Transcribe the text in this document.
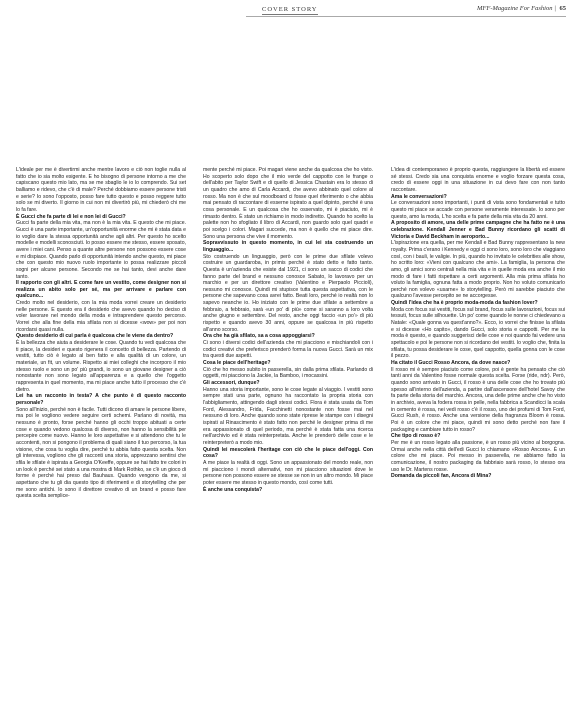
COVER STORY	MFF-Magazine For Fashion | 65

L'ideale per me è divertirmi anche mentre lavoro e ciò non toglie nulla al fatto che io sia molto esigente. E ho bisogno di persone intorno a me che capiscano questo mio lato, ma se me sbaglio le io lo comprendo. Sui set balliamo e ridevo, che c'è di male? Perché dobbiamo essere persone tristi e serie? Io sono l'opposto, posso fare tutto questo e posso reggere tutto solo se mi diverto. Il giorno in cui non mi divertirò più, mi chiederò chi me lo fa fare.

È Gucci che fa parte di lei e non lei di Gucci?

Gucci fa parte della mia vita, ma non è la mia vita. E questo che mi piace. Gucci è una parte importante, un'opportunità enorme che mi è stata data e io voglio dare la stessa opportunità anche agli altri. Per questo ho scelto modelle e modelli sconosciuti. Io posso essere me stesso, essere sposato, avere i miei cani. Penso a quante altre persone non possono essere cose e mi dispiace. Quando parlo di opportunità intendo anche questo, mi piace che con questo mio nuovo ruolo importante io possa realizzare piccoli sogni per alcune persone. Secondo me se hai tanto, devi anche dare tanto.

Il rapporto con gli altri. E come fare un vestito, come designer non si realizza un abito solo per sé, ma per arrivare e parlare con qualcuno...

Credo molto nel desiderio, con la mia moda vorrei creare un desiderio nelle persone. E questo era il desiderio che avevo quando ho deciso di voler lavorare nel mondo della moda e intraprendere questo percorso. Vorrei che alla fine della mia sfilata non si dicesse «wow» per poi non ricordarsi quasi nulla.

Questo desiderio di cui parla è qualcosa che le viene da dentro?

È la bellezza che aiuta a desiderare le cose. Quando tu vedi qualcosa che ti piace, la desideri e questo rigenera il concetto di bellezza. Partendo di vestiti, tutto ciò è legato al ben fatto e alla qualità di un colore, un materiale, un fit, un volume. Rispetto ai miei colleghi che incorporo il mio stesso ruolo e sono un po' più grandi, io sono un giovane designer a ciò nonostante non sono legato all'apparenza e a quello che l'oggetto rappresenta in quel momento, ma mi piace anche tutto il processo che c'è dietro.

Lei ha un racconto in testa? A che punto è di questo racconto personale?

Sono all'inizio, perché non è facile. Tutti dicono di amare le persone libere, ma poi le vogliono vedere seguire certi schemi. Parlano di novità, ma nessuno è pronto, forse perché hanno gli occhi troppo abituati a certe cose e quando vedono qualcosa di diverso, non hanno la sensibilità per percepire come nuovo. Hanno le loro aspettative e si attendono che tu le accontenti, non si pongono il problema di quali siano il tuo percorso, la tua visione, che cosa tu voglia dire, perché tu abbia fatto questa scelta. Non gli interessa, vogliono che gli racconti una storia, apprezzano sentirsi che sfila le sfilate è ispirata a Georgia O'Keeffe, oppure se hai fatto tre colori in un look è perché sei stato a una mostra di Mark Rothko, se c'è un gioco di forme è perché hai preso dal Bauhaus. Quando vengono da me, si aspettano che tu gli dia questo tipo di riferimenti e di storytelling che per me sono antichi. Io sono il direttore creativo di un brand e posso fare questa scelta semplice-

mente perché mi piace. Poi magari viene anche da qualcosa che ho visto. Ho scoperto solo dopo che il mio verde del cappotto con le frange o dell'abito per Taylor Swift e di quello di Jessica Chastain era lo stesso di un quadro che amo di Carla Accardi, che avevo abbinato quel colore al rosso. Ma non è che sul moodboard ci fosse quel riferimento o che abbia mai pensato di raccontare di esserne ispirato a quel dipinto, perché è una cosa personale. E un qualcosa che ho osservato, mi è piaciuto, mi è rimasto dentro. È stato un richiamo in modo indiretto. Quando ho scelto la palette non ho sfogliato il libro di Accardi, non guardo solo quel quadri e poi scelgo i colori. Magari succede, ma non è quello che mi piace dire. Sono una persona che vive il momento.

Sopravvissuto in questo momento, in cui lei sta costruendo un linguaggio...

Sto costruendo un linguaggio, però con le prime due sfilate volevo costruire un guardaroba, in primis perché è stato detto e fatto tanto. Questa è un'azienda che esiste dal 1921, ci sono un sacco di codici che fanno parte del brand e nessuno conosce Sabato, lo lavoravo per un marchio e per un direttore creativo (Valentino e Pierpaolo Piccioli), nessuno mi conosce. Quindi mi stupisce tutta questa aspettativa, con le persone che sapevano cosa avrei fatto. Beati loro, perché io realtà non lo sapevo neanche io. Ho iniziato con le prime due sfilate a settembre a febbraio, a febbraio, sarà «un po' di più» come si saranno a loro volta anche giugno e settembre. Del resto, anche oggi faccio «un po'» di più rispetto e quando avevo 30 anni, oppure se qualcosa in più rispetto all'anno scorso.

Ora che ha già sfilato, sa a cosa appoggiarsi?

Ci sono i diversi codici dell'azienda che mi piacciono e mischiandoli con i codici creativi che preferisco prenderò forma la nuova Gucci. Sarà un mix tra questi due aspetti.

Cosa le piace dell'heritage?

Ciò che ho messo subito in passerella, sin dalla prima sfilata. Parlando di oggetti, mi piacciono la Jackie, la Bamboo, i mocassini.

Gli accessori, dunque?

Hanno una storia importante, sono le cose legate al viaggio. I vestiti sono sempre stati una parte, ognuno ha raccontato la propria storia con l'abbigliamento, attingendo dagli stessi codici. Flora è stata usata da Tom Ford, Alessandro, Frida, Facchinetti nonostante non fosse mai nel nessuno di loro. Anche quando sono state riprese le stampe con i disegni ispirati al Rinascimento è stato fatto non perché le designer prima di me era appassionato di quel periodo, ma perché è stata fatta una ricerca nell'archivio ed è stata reinterpretata. Anche le prenderò delle cose e le reinterpreterò a modo mio.

Quindi lei mescolerà l'heritage con ciò che le piace dell'oggi. Con cosa?

A me piace la realtà di oggi. Sono un appassionato del mondo reale, non mi piacciono i mondi alternativi, non mi piacciono situazioni dove le persone non possono essere se stesse se non in un altro mondo. Mi piace poter essere me stesso in questo mondo, così come tutti.

È anche una conquista?

L'idea di contemporaneo è proprio questa, raggiungere la libertà ed essere sé stessi. Credo sia una conquista enorme e voglio forzare questa cosa, credo di essere oggi in una situazione in cui devo fare con non tanto raccontare.

Ama le conversazioni?

Le conversazioni sono importanti, i punti di vista sono fondamentali e tutto questo mi piace se accade con persone veramente interessate. Io sono per questo, amo la moda, L'ho scelta e fa parte della mia vita da 20 anni.

A proposito di amore, una delle prime campagne che ha fatto ne è una celebrazione. Kendall Jenner e Bad Bunny ricordano gli scatti di Victoria e David Beckham in aeroporto...

L'ispirazione era quella, per me Kendall e Bad Bunny rappresentano la new royalty. Prima c'erano i Kennedy e oggi ci sono loro, sono loro che viaggiano così, con i bauli, le valigie. In più, quando ho invitato le celebrities alle show, ho scritto loro: «Vieni con qualcuno che ami». La famiglia, la persona che amo, gli amici sono centrali nella mia vita e in quelle moda era anche il mio modo di fare i fatti rispettare a certi argomenti. Alla mia prima sfilata ho voluto la famiglia, ognuna fatta a modo proprio. Non ho voluto comunicarlo perché non volevo «usarne» lo storytelling. Però mi sarebbe piaciuto che qualcuno l'avesse percepito se ne accorgesse.

Quindi l'idea che ha è proprio moda-moda da fashion lover?

Moda con focus sui vestiti, focus sul brand, focus sulle lavorazioni, focus sui tessuti, focus sulle silhouette. Un po' come quando le nonne ci chiedevano a Natale: «Quale gonna va quest'anno?». Ecco, io vorrei che finisse la sfilata e si dicesse «Ho capito», dando Gucci, solo storia e cappotti. Per me la moda è questo, e quando suggerisci delle cose e noi quando fai vedere una spettacolo e poi le persone non si ricordano dei vestiti. Io voglio che, finita la sfilata, tu possa desiderare le cose, quel cappotto, quella gonna con le cose il pezzo.

Ha citato il Gucci Rosso Ancora, da dove nasce?

Il rosso mi è sempre piaciuto come colore, poi è gente ha pensato che ciò tanti anni da Valentino fosse normale questa scelta. Forse (ride, ndr). Però, quando sono arrivato in Gucci, il rosso è una delle cose che ho trovato più spesso all'interno dell'azienda, a partire dall'ascensore dell'hotel Savoy che fa parte della storia del marchio. Ancora, una delle prime anche che ho visto in archivio, aveva la fodera rossa in pelle, nella fabbrica a Scandicci la scala in cemento è rossa, nei vedi rosso c'è il rosso, uno dei profumi di Tom Ford, Gucci Rush, è rosso. Anche una versione della fragranza Bloom è rossa. Poi è un colore che mi piace, quindi mi sono detto perché non fare il packaging e cambiare tutto in rosso?

Che tipo di rosso è?

Per me è un rosso legato alla passione, è un rosso più vicino al borgogna. Ormai anche nella città dell'edi Gucci lo chiamano «Rosso Ancora». È un colore che mi piace. Poi messo in passerella, ne abbiamo fatto la comunicazione, il nostro packaging da fabbriaio sarà rosso, lo stesso ora uso le Dr. Martens rosse.

Domanda da piccoli fan, Ancora di Mina?
